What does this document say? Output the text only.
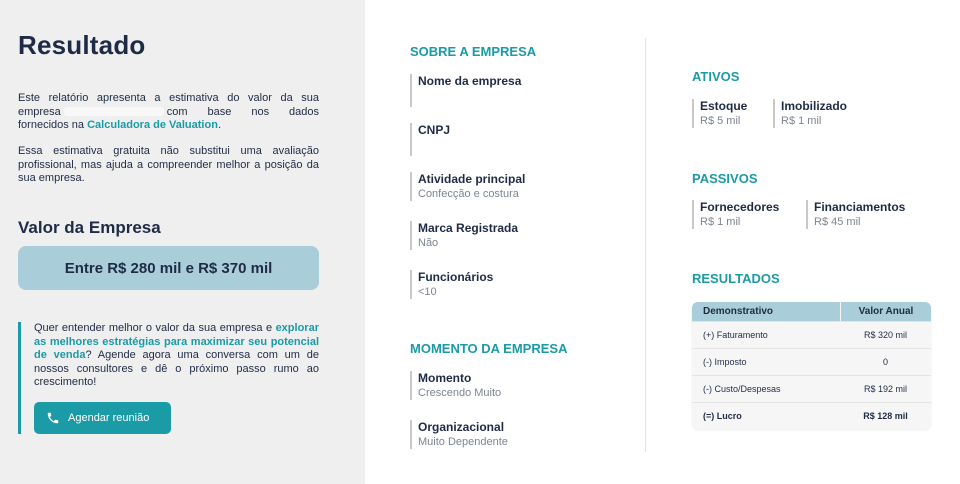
Resultado
Este relatório apresenta a estimativa do valor da sua empresa	com base nos dados fornecidos na Calculadora de Valuation.
Essa estimativa gratuita não substitui uma avaliação profissional, mas ajuda a compreender melhor a posição da sua empresa.
Valor da Empresa
Entre R$ 280 mil e R$ 370 mil
Quer entender melhor o valor da sua empresa e explorar as melhores estratégias para maximizar seu potencial de venda? Agende agora uma conversa com um de nossos consultores e dê o próximo passo rumo ao crescimento!
Agendar reunião
SOBRE A EMPRESA
Nome da empresa
CNPJ
Atividade principal
Confecção e costura
Marca Registrada
Não
Funcionários
<10
MOMENTO DA EMPRESA
Momento
Crescendo Muito
Organizacional
Muito Dependente
ATIVOS
Estoque
R$ 5 mil
Imobilizado
R$ 1 mil
PASSIVOS
Fornecedores
R$ 1 mil
Financiamentos
R$ 45 mil
RESULTADOS
Demonstrativo	Valor Anual
(+) Faturamento	R$ 320 mil
(-) Imposto	0
(-) Custo/Despesas	R$ 192 mil
(=) Lucro	R$ 128 mil
